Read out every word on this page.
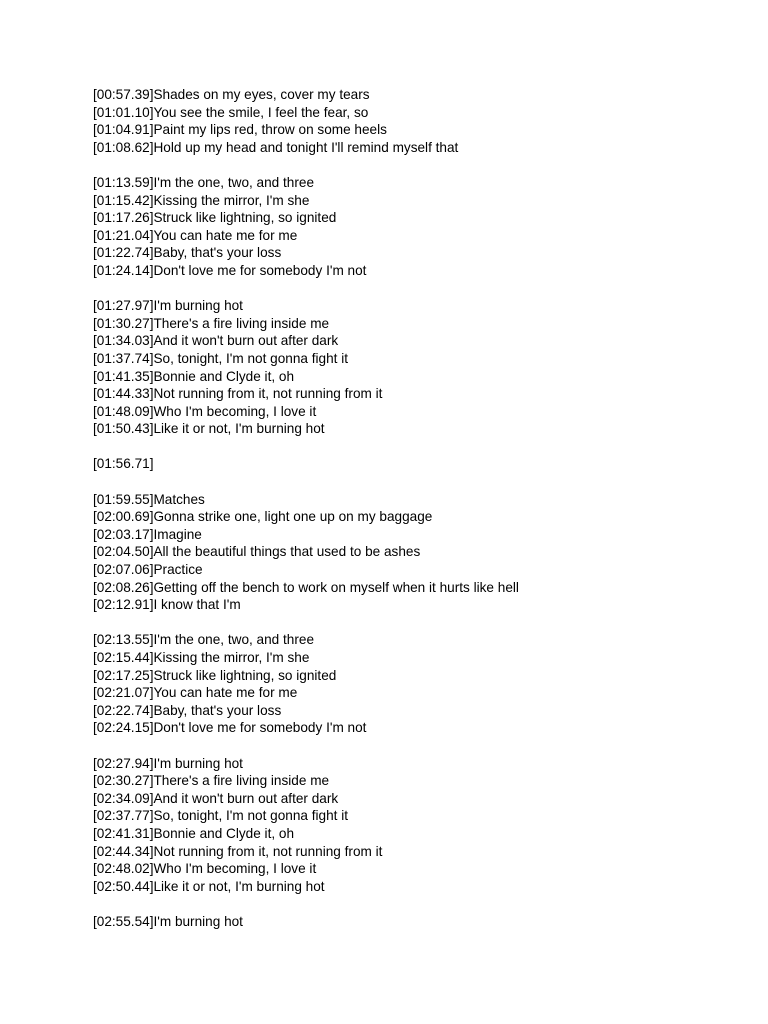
[00:57.39]Shades on my eyes, cover my tears
[01:01.10]You see the smile, I feel the fear, so
[01:04.91]Paint my lips red, throw on some heels
[01:08.62]Hold up my head and tonight I'll remind myself that
[01:13.59]I'm the one, two, and three
[01:15.42]Kissing the mirror, I'm she
[01:17.26]Struck like lightning, so ignited
[01:21.04]You can hate me for me
[01:22.74]Baby, that's your loss
[01:24.14]Don't love me for somebody I'm not
[01:27.97]I'm burning hot
[01:30.27]There's a fire living inside me
[01:34.03]And it won't burn out after dark
[01:37.74]So, tonight, I'm not gonna fight it
[01:41.35]Bonnie and Clyde it, oh
[01:44.33]Not running from it, not running from it
[01:48.09]Who I'm becoming, I love it
[01:50.43]Like it or not, I'm burning hot
[01:56.71]
[01:59.55]Matches
[02:00.69]Gonna strike one, light one up on my baggage
[02:03.17]Imagine
[02:04.50]All the beautiful things that used to be ashes
[02:07.06]Practice
[02:08.26]Getting off the bench to work on myself when it hurts like hell
[02:12.91]I know that I'm
[02:13.55]I'm the one, two, and three
[02:15.44]Kissing the mirror, I'm she
[02:17.25]Struck like lightning, so ignited
[02:21.07]You can hate me for me
[02:22.74]Baby, that's your loss
[02:24.15]Don't love me for somebody I'm not
[02:27.94]I'm burning hot
[02:30.27]There's a fire living inside me
[02:34.09]And it won't burn out after dark
[02:37.77]So, tonight, I'm not gonna fight it
[02:41.31]Bonnie and Clyde it, oh
[02:44.34]Not running from it, not running from it
[02:48.02]Who I'm becoming, I love it
[02:50.44]Like it or not, I'm burning hot
[02:55.54]I'm burning hot
